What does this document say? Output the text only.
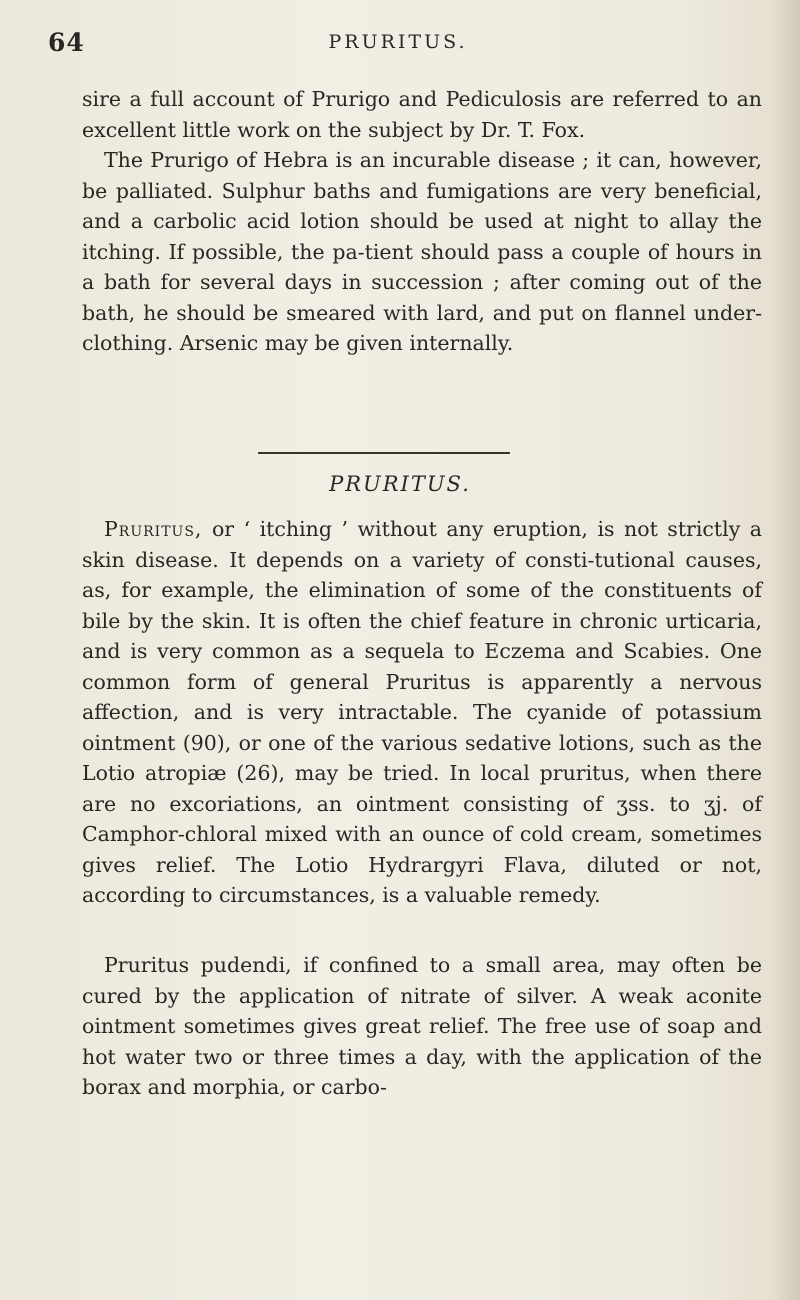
64	PRURITUS.
sire a full account of Prurigo and Pediculosis are referred to an excellent little work on the subject by Dr. T. Fox.
The Prurigo of Hebra is an incurable disease ; it can, however, be palliated. Sulphur baths and fumigations are very beneficial, and a carbolic acid lotion should be used at night to allay the itching. If possible, the pa-tient should pass a couple of hours in a bath for several days in succession ; after coming out of the bath, he should be smeared with lard, and put on flannel under-clothing. Arsenic may be given internally.
PRURITUS.
Pruritus, or ‘ itching ’ without any eruption, is not strictly a skin disease. It depends on a variety of consti-tutional causes, as, for example, the elimination of some of the constituents of bile by the skin. It is often the chief feature in chronic urticaria, and is very common as a sequela to Eczema and Scabies. One common form of general Pruritus is apparently a nervous affection, and is very intractable. The cyanide of potassium ointment (90), or one of the various sedative lotions, such as the Lotio atropiæ (26), may be tried. In local pruritus, when there are no excoriations, an ointment consisting of ʒss. to ʒj. of Camphor-chloral mixed with an ounce of cold cream, sometimes gives relief. The Lotio Hydrargyri Flava, diluted or not, according to circumstances, is a valuable remedy.
Pruritus pudendi, if confined to a small area, may often be cured by the application of nitrate of silver. A weak aconite ointment sometimes gives great relief. The free use of soap and hot water two or three times a day, with the application of the borax and morphia, or carbo-
